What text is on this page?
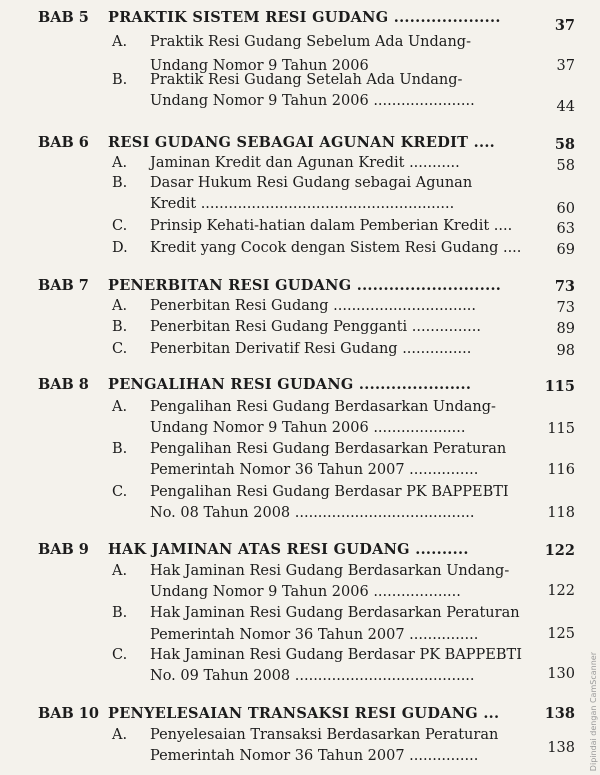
BAB 5 PRAKTIK SISTEM RESI GUDANG ....................	37
A. Praktik Resi Gudang Sebelum Ada Undang-
Undang Nomor 9 Tahun 2006	37
B. Praktik Resi Gudang Setelah Ada Undang-
Undang Nomor 9 Tahun 2006 ......................	44
BAB 6 RESI GUDANG SEBAGAI AGUNAN KREDIT ....	58
A. Jaminan Kredit dan Agunan Kredit ...........	58
B. Dasar Hukum Resi Gudang sebagai Agunan
Kredit .......................................................	60
C. Prinsip Kehati-hatian dalam Pemberian Kredit ....	63
D. Kredit yang Cocok dengan Sistem Resi Gudang ....	69
BAB 7 PENERBITAN RESI GUDANG ...........................	73
A. Penerbitan Resi Gudang ...............................	73
B. Penerbitan Resi Gudang Pengganti ...............	89
C. Penerbitan Derivatif Resi Gudang ...............	98
BAB 8 PENGALIHAN RESI GUDANG .....................	115
A. Pengalihan Resi Gudang Berdasarkan Undang-
Undang Nomor 9 Tahun 2006 ....................	115
B. Pengalihan Resi Gudang Berdasarkan Peraturan
Pemerintah Nomor 36 Tahun 2007 ...............	116
C. Pengalihan Resi Gudang Berdasar PK BAPPEBTI
No. 08 Tahun 2008 .......................................	118
BAB 9 HAK JAMINAN ATAS RESI GUDANG ..........	122
A. Hak Jaminan Resi Gudang Berdasarkan Undang-
Undang Nomor 9 Tahun 2006 ...................	122
B. Hak Jaminan Resi Gudang Berdasarkan Peraturan
Pemerintah Nomor 36 Tahun 2007 ...............	125
C. Hak Jaminan Resi Gudang Berdasar PK BAPPEBTI
No. 09 Tahun 2008 .......................................	130
BAB 10 PENYELESAIAN TRANSAKSI RESI GUDANG ...	138
A. Penyelesaian Transaksi Berdasarkan Peraturan
Pemerintah Nomor 36 Tahun 2007 ...............	138 Dipindai dengan CamScanner
